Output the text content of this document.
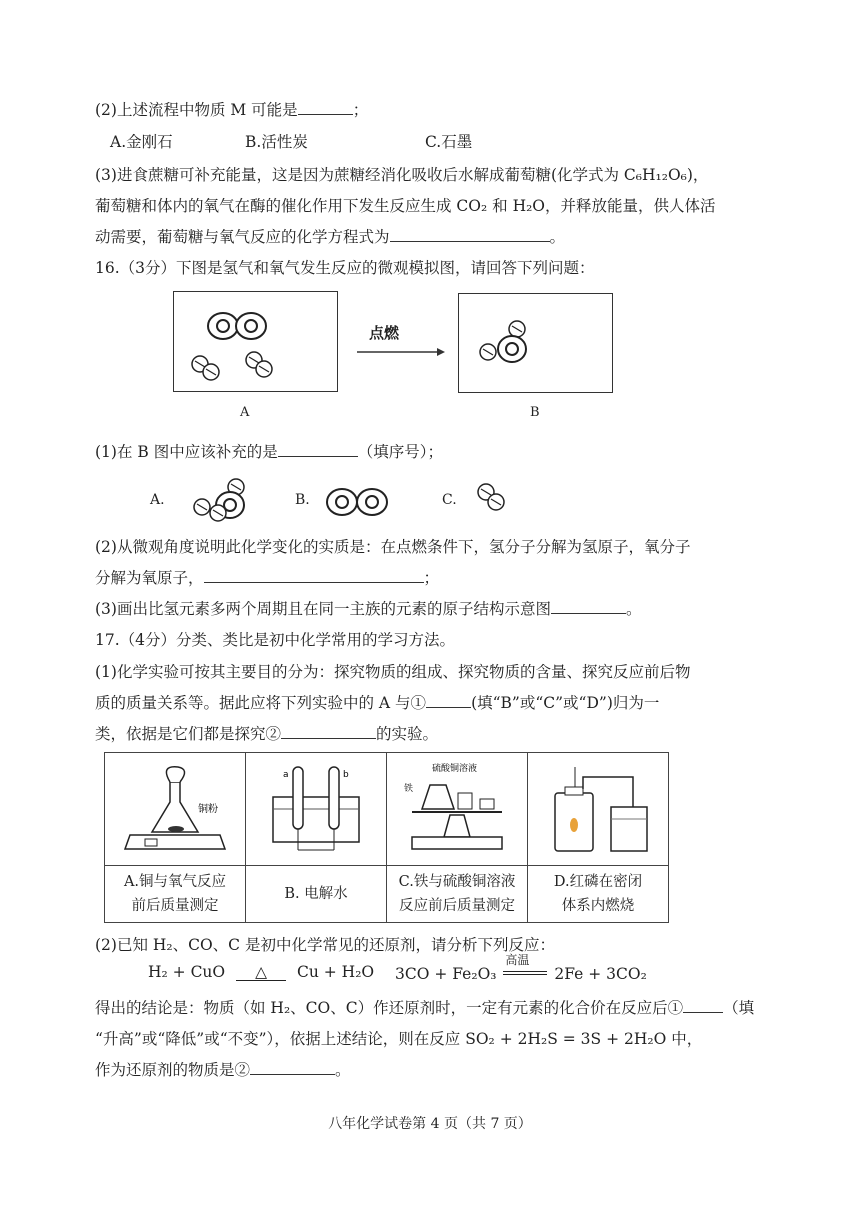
(2)上述流程中物质 M 可能是	；
A.金刚石	B.活性炭	C.石墨
(3)进食蔗糖可补充能量，这是因为蔗糖经消化吸收后水解成葡萄糖(化学式为 C₆H₁₂O₆)，
葡萄糖和体内的氧气在酶的催化作用下发生反应生成 CO₂ 和 H₂O，并释放能量，供人体活
动需要，葡萄糖与氧气反应的化学方程式为	。
16.（3分）下图是氢气和氧气发生反应的微观模拟图，请回答下列问题：
点燃
A	B
(1)在 B 图中应该补充的是	（填序号）；
A.	B.	C.
(2)从微观角度说明此化学变化的实质是：在点燃条件下，氢分子分解为氢原子，氧分子
分解为氧原子，	；
(3)画出比氢元素多两个周期且在同一主族的元素的原子结构示意图	。
17.（4分）分类、类比是初中化学常用的学习方法。
(1)化学实验可按其主要目的分为：探究物质的组成、探究物质的含量、探究反应前后物
质的质量关系等。据此应将下列实验中的 A 与①	(填“B”或“C”或“D”)归为一
类，依据是它们都是探究②	的实验。
铜粉	a b	硫酸铜溶液
铁

A.铜与氧气反应
前后质量测定	B. 电解水	C.铁与硫酸铜溶液
反应前后质量测定	D.红磷在密闭
体系内燃烧
(2)已知 H₂、CO、C 是初中化学常见的还原剂，请分析下列反应：
H₂ + CuO △ Cu + H₂O 3CO + Fe₂O₃
高温
2Fe + 3CO₂
得出的结论是：物质（如 H₂、CO、C）作还原剂时，一定有元素的化合价在反应后①	（填
“升高”或“降低”或“不变”），依据上述结论，则在反应 SO₂ + 2H₂S = 3S + 2H₂O 中，
作为还原剂的物质是②	。
八年化学试卷第 4 页（共 7 页）
